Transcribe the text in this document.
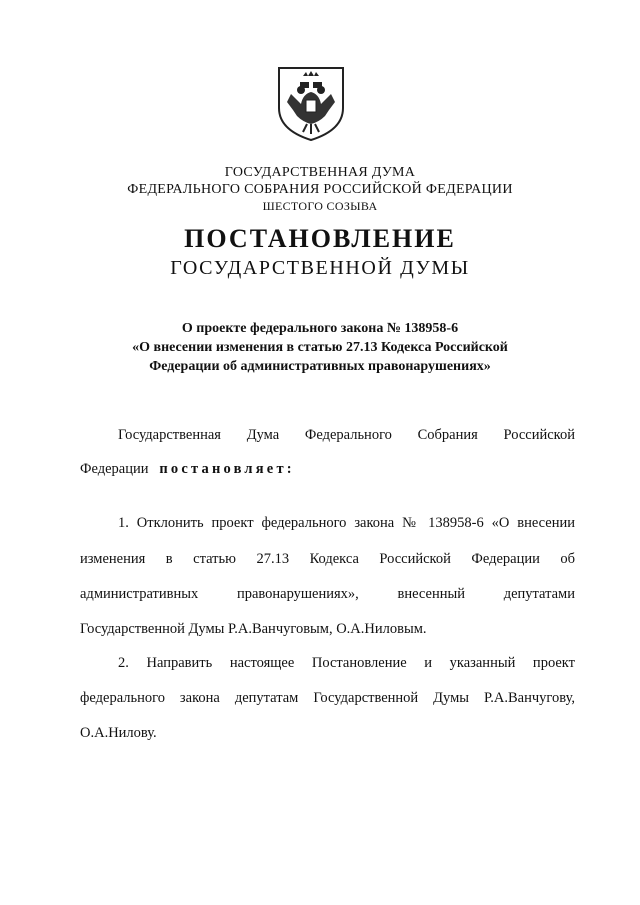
ГОСУДАРСТВЕННАЯ ДУМА
ФЕДЕРАЛЬНОГО СОБРАНИЯ РОССИЙСКОЙ ФЕДЕРАЦИИ
ШЕСТОГО СОЗЫВА
ПОСТАНОВЛЕНИЕ
ГОСУДАРСТВЕННОЙ ДУМЫ
О проекте федерального закона № 138958-6
«О внесении изменения в статью 27.13 Кодекса Российской
Федерации об административных правонарушениях»
Государственная Дума Федерального Собрания Российской
Федерации постановляет:
1. Отклонить проект федерального закона № 138958-6 «О внесении
изменения в статью 27.13 Кодекса Российской Федерации об
административных правонарушениях», внесенный депутатами
Государственной Думы Р.А.Ванчуговым, О.А.Ниловым.
2. Направить настоящее Постановление и указанный проект
федерального закона депутатам Государственной Думы Р.А.Ванчугову,
О.А.Нилову.
